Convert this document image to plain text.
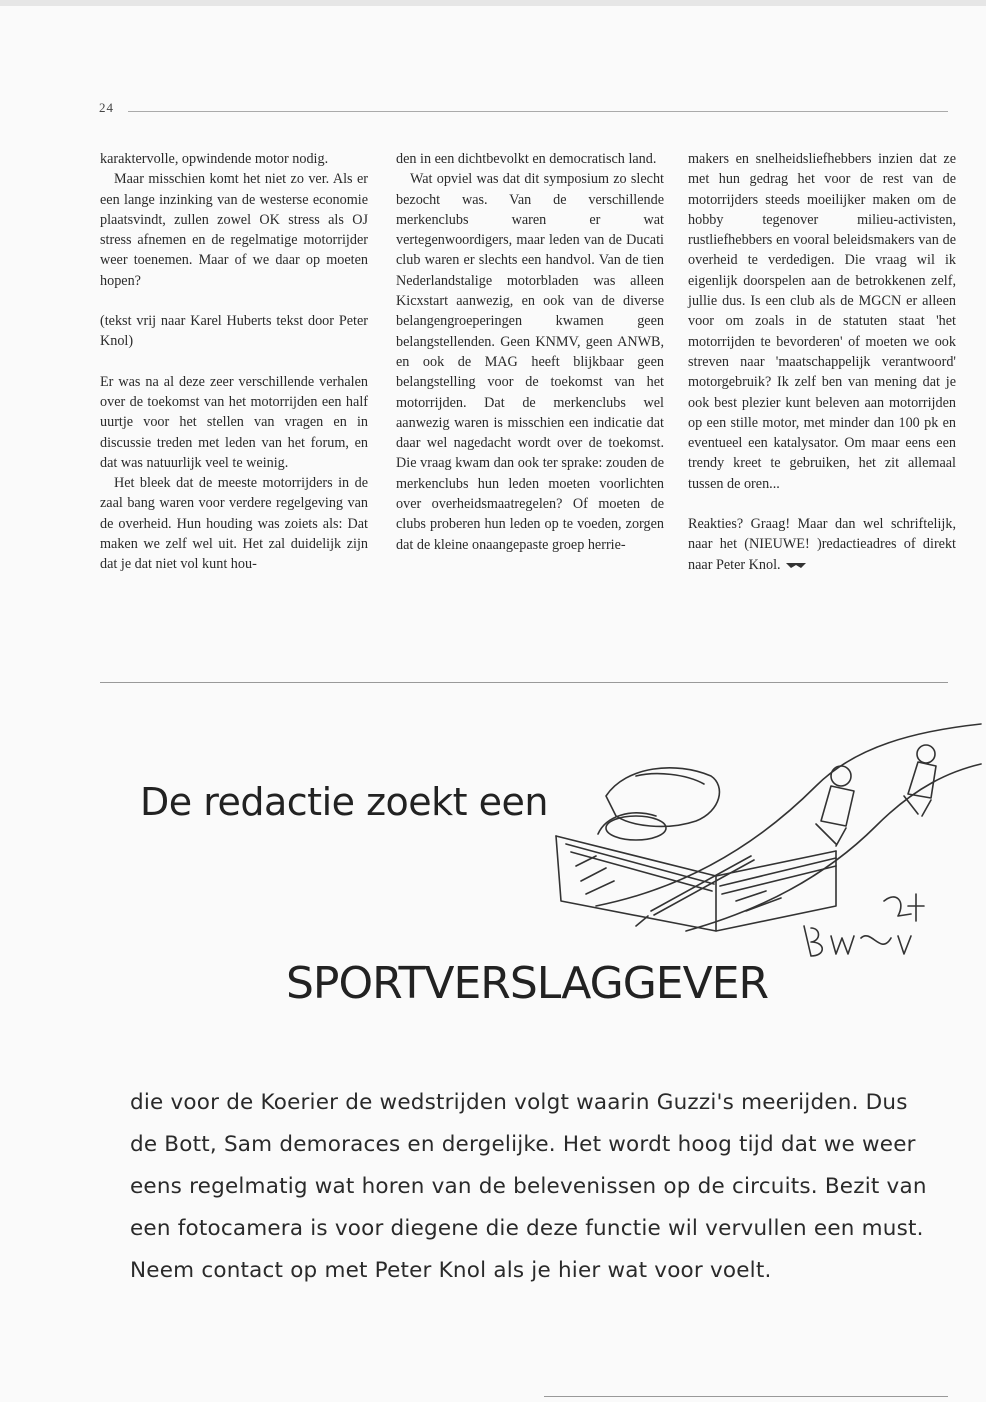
24

karaktervolle, opwindende motor nodig.

Maar misschien komt het niet zo ver. Als er een lange inzinking van de westerse economie plaatsvindt, zullen zowel OK stress als OJ stress afnemen en de regelmatige motorrijder weer toenemen. Maar of we daar op moeten hopen?

(tekst vrij naar Karel Huberts tekst door Peter Knol)

Er was na al deze zeer verschillende verhalen over de toekomst van het motorrijden een half uurtje voor het stellen van vragen en in discussie treden met leden van het forum, en dat was natuurlijk veel te weinig.

Het bleek dat de meeste motorrijders in de zaal bang waren voor verdere regelgeving van de overheid. Hun houding was zoiets als: Dat maken we zelf wel uit. Het zal duidelijk zijn dat je dat niet vol kunt hou-

den in een dichtbevolkt en democratisch land.

Wat opviel was dat dit symposium zo slecht bezocht was. Van de verschillende merkenclubs waren er wat vertegenwoordigers, maar leden van de Ducati club waren er slechts een handvol. Van de tien Nederlandstalige motorbladen was alleen Kicxstart aanwezig, en ook van de diverse belangengroeperingen kwamen geen belangstellenden. Geen KNMV, geen ANWB, en ook de MAG heeft blijkbaar geen belangstelling voor de toekomst van het motorrijden. Dat de merkenclubs wel aanwezig waren is misschien een indicatie dat daar wel nagedacht wordt over de toekomst. Die vraag kwam dan ook ter sprake: zouden de merkenclubs hun leden moeten voorlichten over overheidsmaatregelen? Of moeten de clubs proberen hun leden op te voeden, zorgen dat de kleine onaangepaste groep herrie-

makers en snelheidsliefhebbers inzien dat ze met hun gedrag het voor de rest van de motorrijders steeds moeilijker maken om de hobby tegenover milieu-activisten, rustliefhebbers en vooral beleidsmakers van de overheid te verdedigen. Die vraag wil ik eigenlijk doorspelen aan de betrokkenen zelf, jullie dus. Is een club als de MGCN er alleen voor om zoals in de statuten staat 'het motorrijden te bevorderen' of moeten we ook streven naar 'maatschappelijk verantwoord' motorgebruik? Ik zelf ben van mening dat je ook best plezier kunt beleven aan motorrijden op een stille motor, met minder dan 100 pk en eventueel een katalysator. Om maar eens een trendy kreet te gebruiken, het zit allemaal tussen de oren...

Reakties? Graag! Maar dan wel schriftelijk, naar het (NIEUWE! )redactieadres of direkt naar Peter Knol.

De redactie zoekt een
SPORTVERSLAGGEVER

die voor de Koerier de wedstrijden volgt waarin Guzzi's meerijden. Dus de Bott, Sam demoraces en dergelijke. Het wordt hoog tijd dat we weer eens regelmatig wat horen van de belevenissen op de circuits. Bezit van een fotocamera is voor diegene die deze functie wil vervullen een must. Neem contact op met Peter Knol als je hier wat voor voelt.
